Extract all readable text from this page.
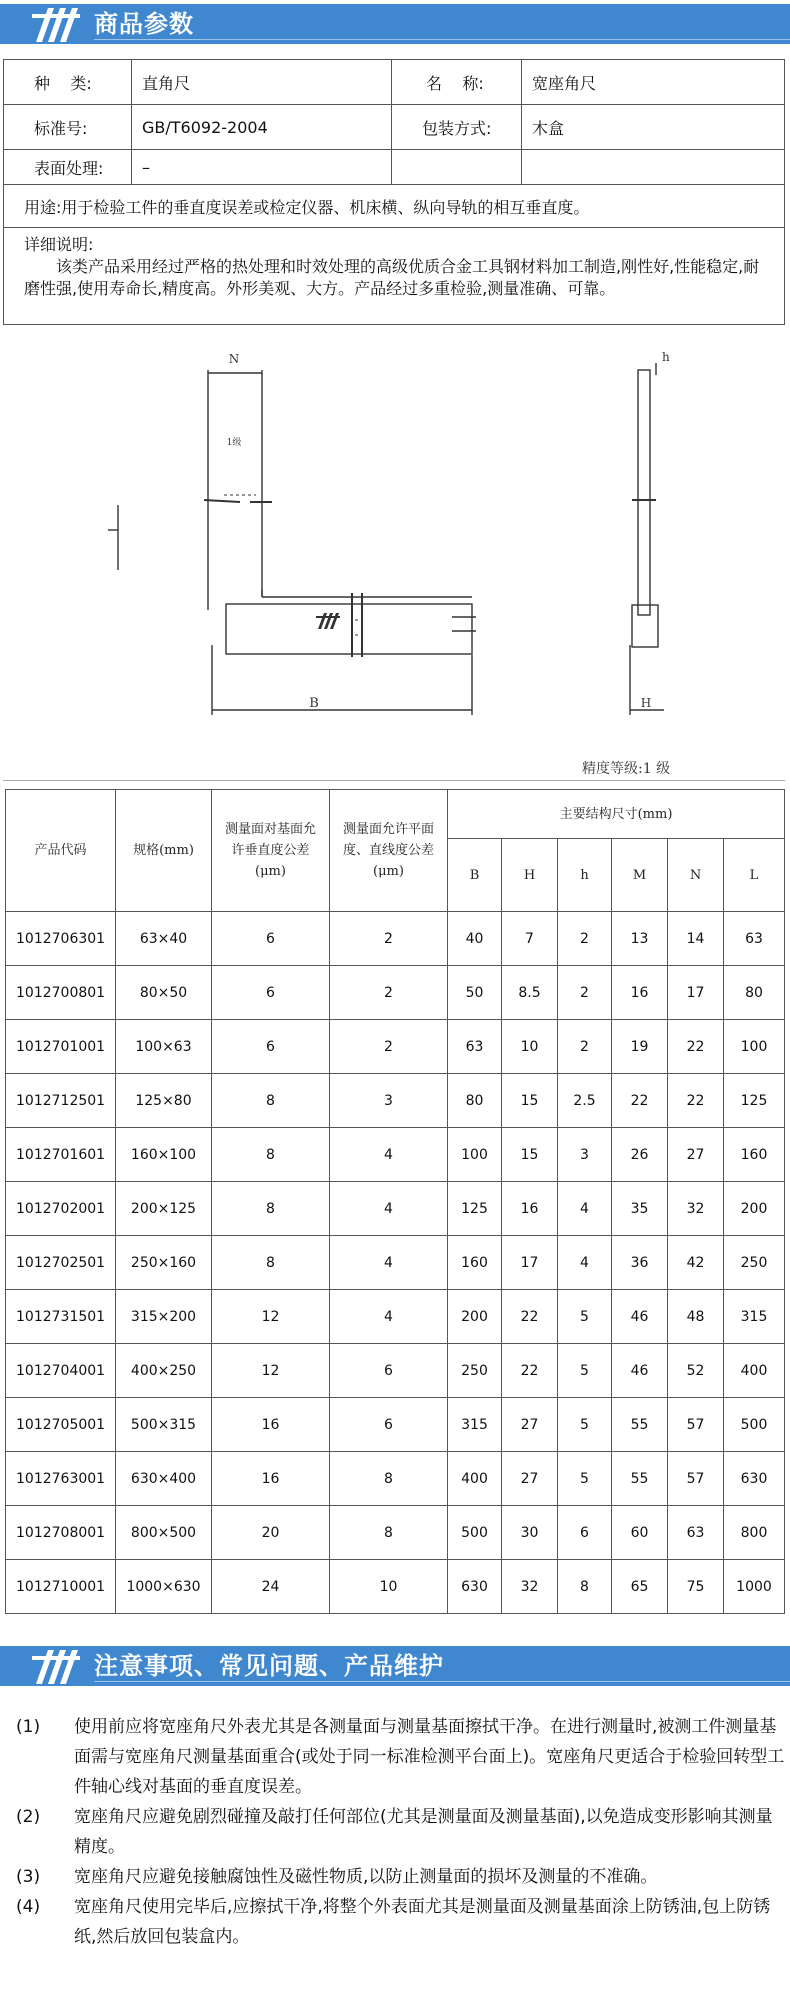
商品参数
种    类:	直角尺	名    称:	宽座角尺
标准号:	GB/T6092-2004	包装方式:	木盒
表面处理:	–		
用途:用于检验工件的垂直度误差或检定仪器、机床横、纵向导轨的相互垂直度。			

详细说明:
该类产品采用经过严格的热处理和时效处理的高级优质合金工具钢材料加工制造,刚性好,性能稳定,耐磨性强,使用寿命长,精度高。外形美观、大方。产品经过多重检验,测量准确、可靠。			
N
1级
B
h
H
精度等级:1 级
产品代码	规格(mm)	测量面对基面允许垂直度公差(μm)	测量面允许平面度、直线度公差(μm)	主要结构尺寸(mm)					
				B	H	h	M	N	L
1012706301	63×40	6	2	40	7	2	13	14	63
1012700801	80×50	6	2	50	8.5	2	16	17	80
1012701001	100×63	6	2	63	10	2	19	22	100
1012712501	125×80	8	3	80	15	2.5	22	22	125
1012701601	160×100	8	4	100	15	3	26	27	160
1012702001	200×125	8	4	125	16	4	35	32	200
1012702501	250×160	8	4	160	17	4	36	42	250
1012731501	315×200	12	4	200	22	5	46	48	315
1012704001	400×250	12	6	250	22	5	46	52	400
1012705001	500×315	16	6	315	27	5	55	57	500
1012763001	630×400	16	8	400	27	5	55	57	630
1012708001	800×500	20	8	500	30	6	60	63	800
1012710001	1000×630	24	10	630	32	8	65	75	1000
注意事项、常见问题、产品维护
(1) 使用前应将宽座角尺外表尤其是各测量面与测量基面擦拭干净。在进行测量时,被测工件测量基面需与宽座角尺测量基面重合(或处于同一标准检测平台面上)。宽座角尺更适合于检验回转型工件轴心线对基面的垂直度误差。
(2) 宽座角尺应避免剧烈碰撞及敲打任何部位(尤其是测量面及测量基面),以免造成变形影响其测量精度。
(3) 宽座角尺应避免接触腐蚀性及磁性物质,以防止测量面的损坏及测量的不准确。
(4) 宽座角尺使用完毕后,应擦拭干净,将整个外表面尤其是测量面及测量基面涂上防锈油,包上防锈纸,然后放回包装盒内。
